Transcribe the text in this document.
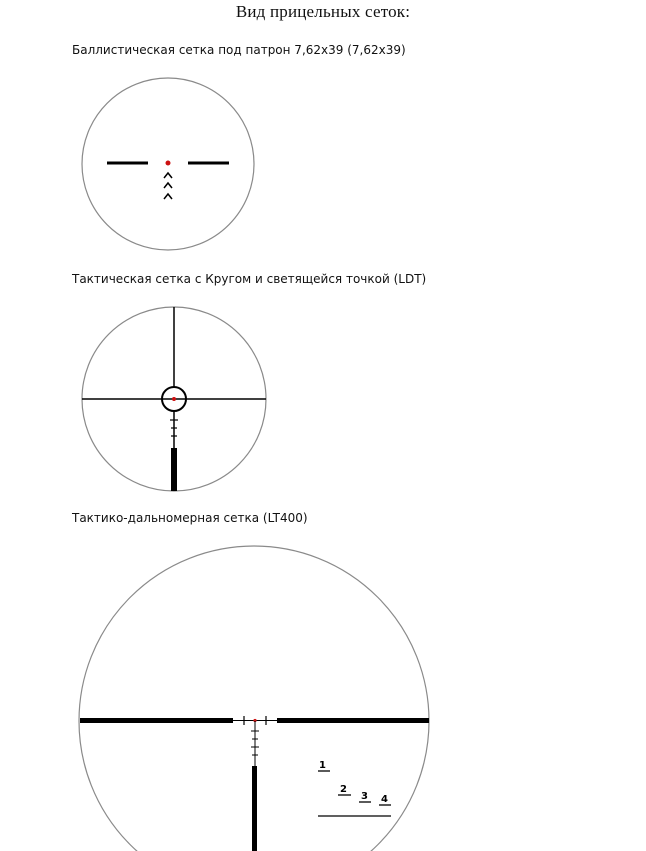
Вид прицельных сеток:
Баллистическая сетка под патрон 7,62х39 (7,62х39)
Тактическая сетка с Кругом и светящейся точкой (LDT)
Тактико-дальномерная сетка (LT400)
1
2
3 4
